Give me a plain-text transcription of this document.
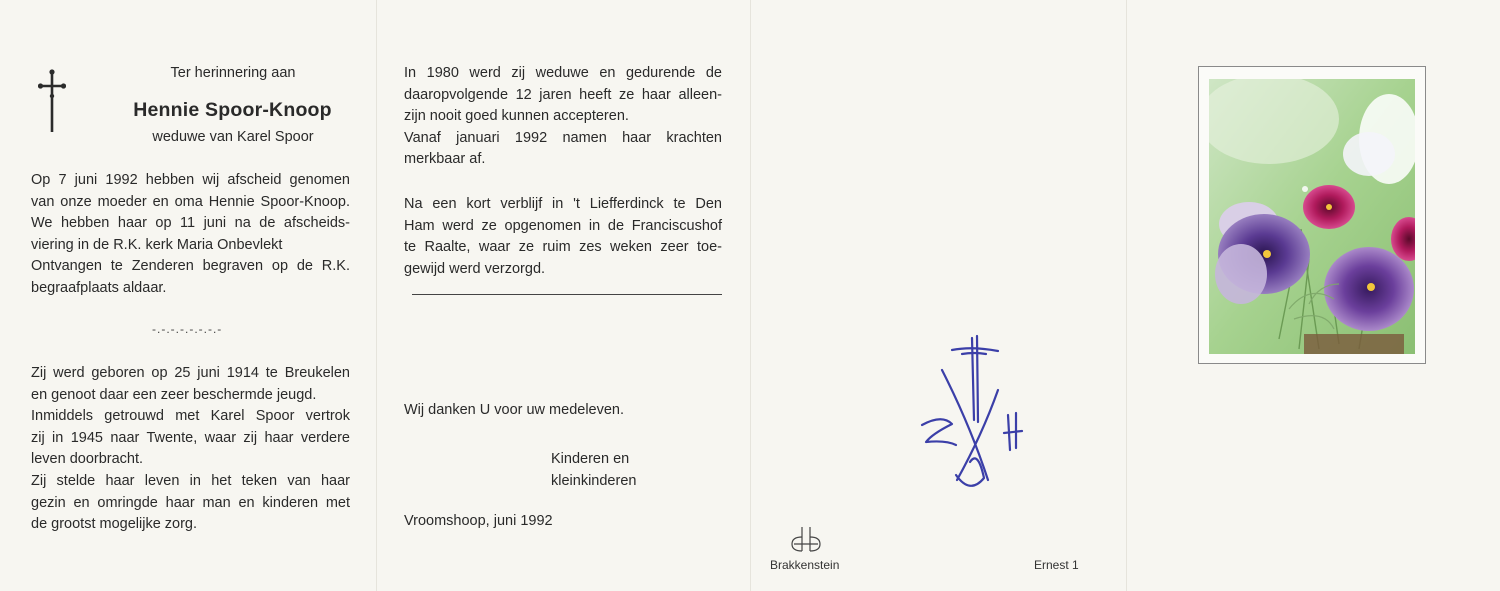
Ter herinnering aan
Hennie Spoor-Knoop
weduwe van Karel Spoor

Op 7 juni 1992 hebben wij afscheid genomen
van onze moeder en oma Hennie Spoor-Knoop.
We hebben haar op 11 juni na de afscheids-
viering in de R.K. kerk Maria Onbevlekt
Ontvangen te Zenderen begraven op de R.K.
begraafplaats aldaar.

-.-.-.-.-.-.-.-

Zij werd geboren op 25 juni 1914 te Breukelen
en genoot daar een zeer beschermde jeugd.
Inmiddels getrouwd met Karel Spoor vertrok
zij in 1945 naar Twente, waar zij haar verdere
leven doorbracht.
Zij stelde haar leven in het teken van haar
gezin en omringde haar man en kinderen met
de grootst mogelijke zorg.

In 1980 werd zij weduwe en gedurende de
daaropvolgende 12 jaren heeft ze haar alleen-
zijn nooit goed kunnen accepteren.
Vanaf januari 1992 namen haar krachten
merkbaar af.

Na een kort verblijf in 't Liefferdinck te Den
Ham werd ze opgenomen in de Franciscushof
te Raalte, waar ze ruim zes weken zeer toe-
gewijd werd verzorgd.

Wij danken U voor uw medeleven.

Kinderen en
kleinkinderen

Vroomshoop, juni 1992

Brakkenstein	Ernest 1
